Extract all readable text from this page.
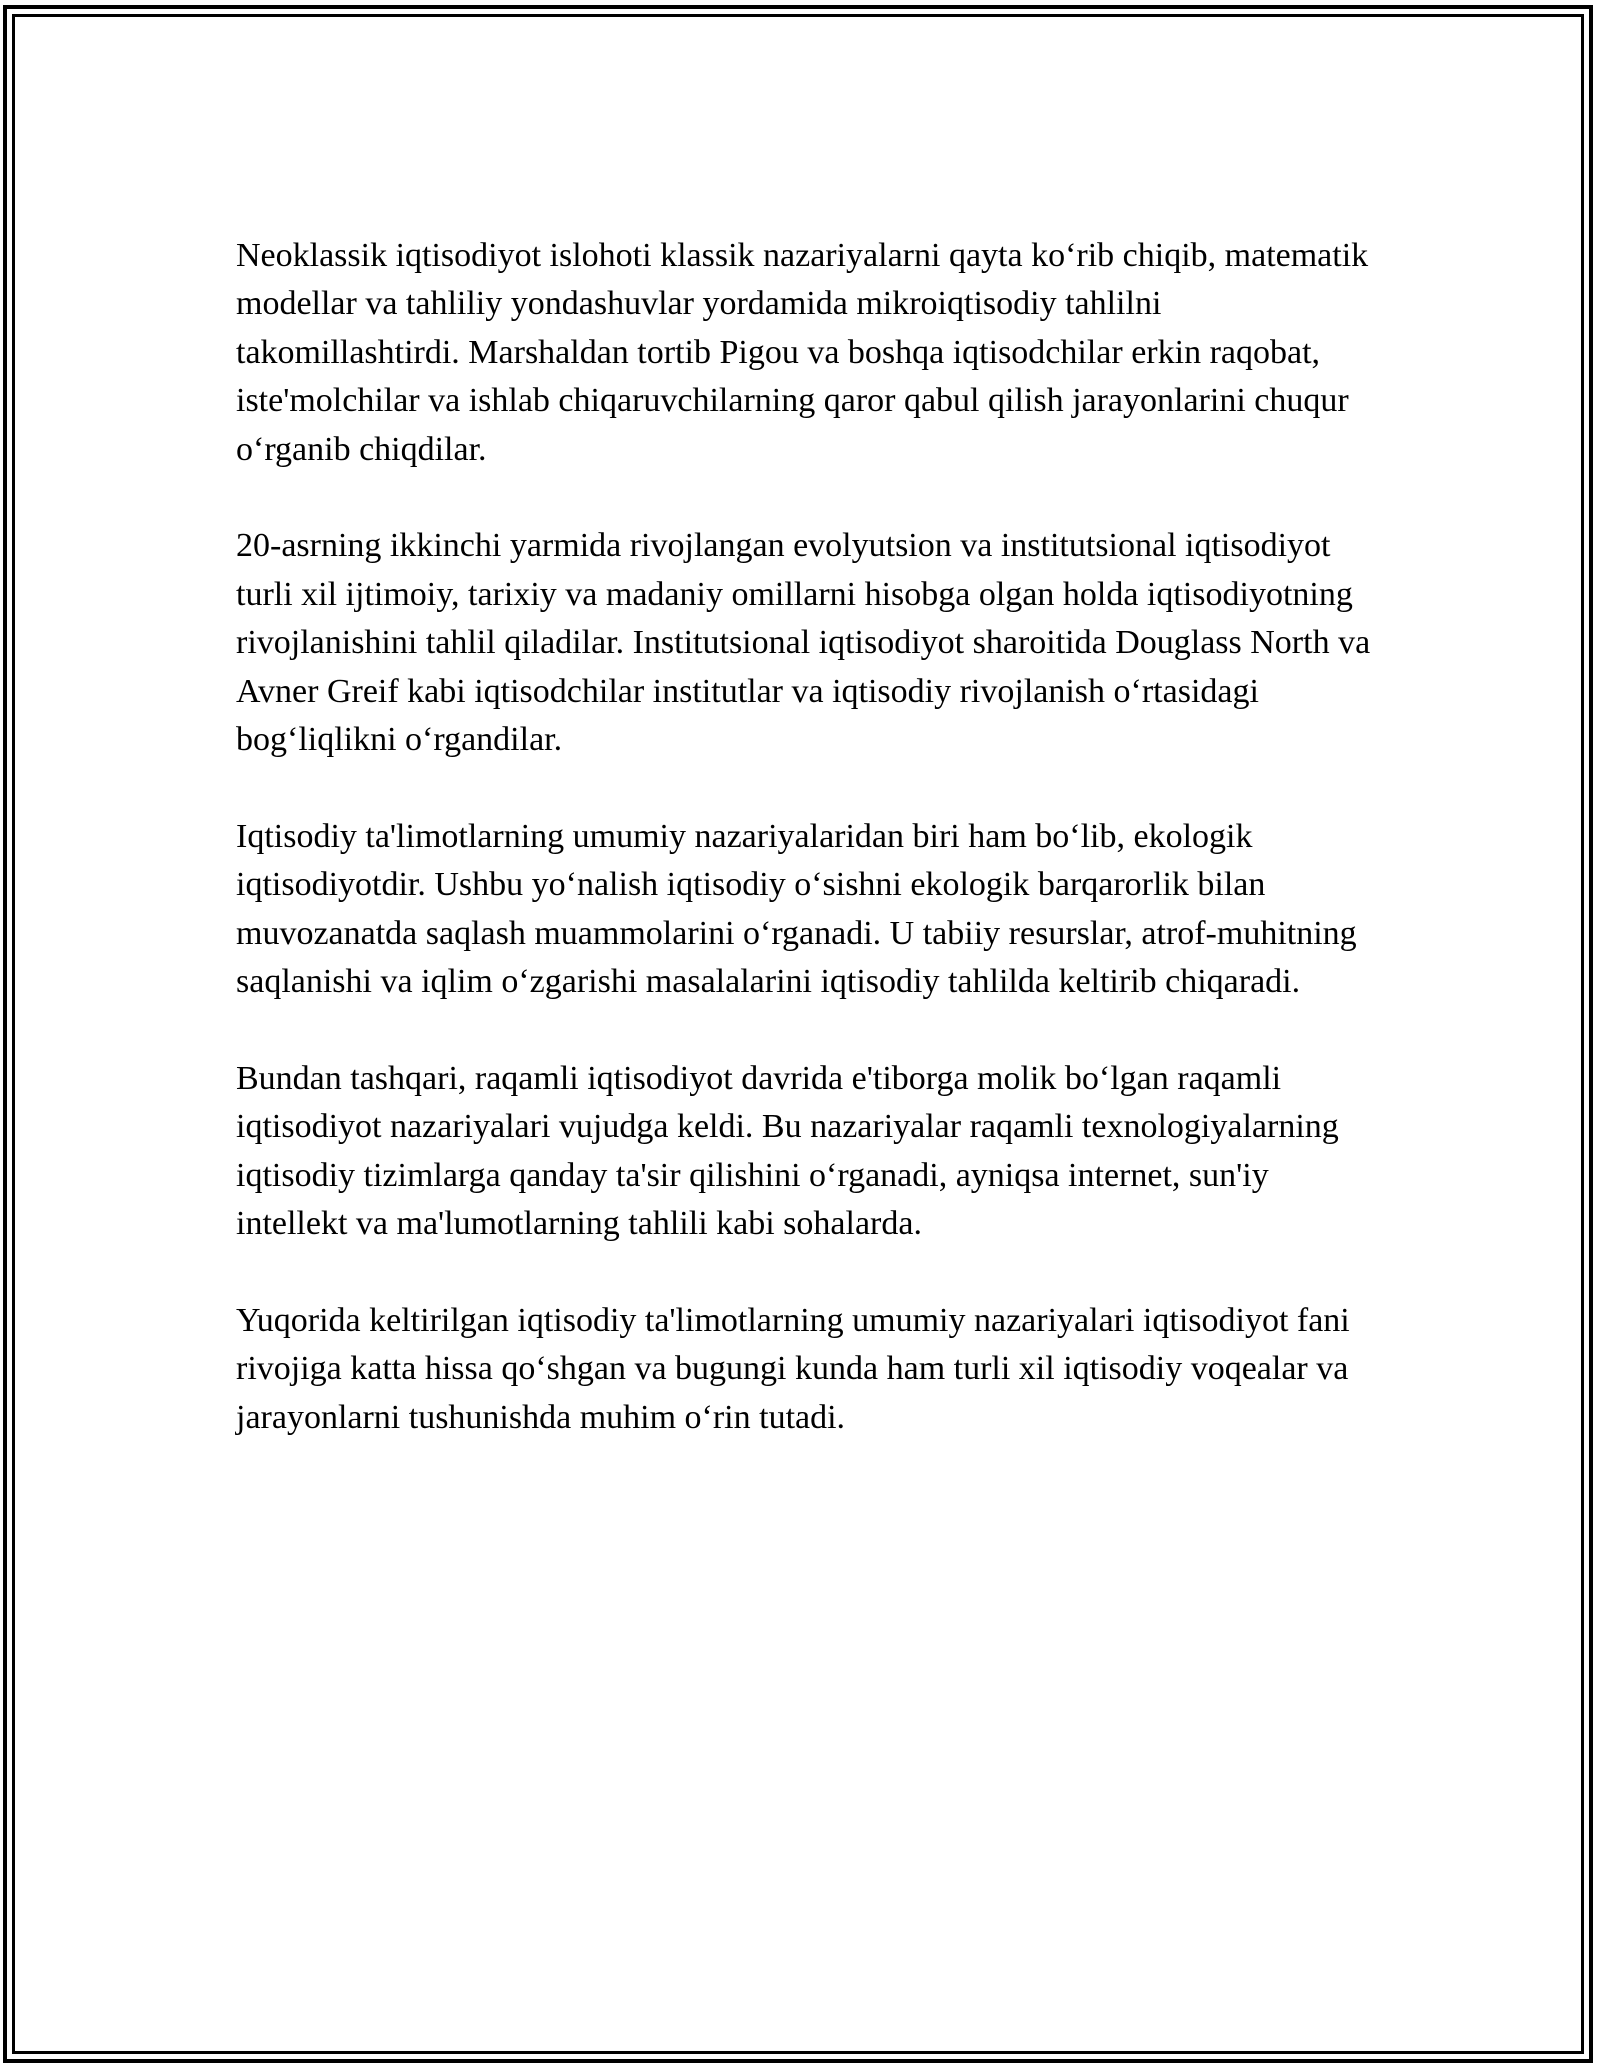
Neoklassik iqtisodiyot islohoti klassik nazariyalarni qayta ko‘rib chiqib, matematik modellar va tahliliy yondashuvlar yordamida mikroiqtisodiy tahlilni takomillashtirdi. Marshaldan tortib Pigou va boshqa iqtisodchilar erkin raqobat, iste'molchilar va ishlab chiqaruvchilarning qaror qabul qilish jarayonlarini chuqur o‘rganib chiqdilar.

20-asrning ikkinchi yarmida rivojlangan evolyutsion va institutsional iqtisodiyot turli xil ijtimoiy, tarixiy va madaniy omillarni hisobga olgan holda iqtisodiyotning rivojlanishini tahlil qiladilar. Institutsional iqtisodiyot sharoitida Douglass North va Avner Greif kabi iqtisodchilar institutlar va iqtisodiy rivojlanish o‘rtasidagi bog‘liqlikni o‘rgandilar.

Iqtisodiy ta'limotlarning umumiy nazariyalaridan biri ham bo‘lib, ekologik iqtisodiyotdir. Ushbu yo‘nalish iqtisodiy o‘sishni ekologik barqarorlik bilan muvozanatda saqlash muammolarini o‘rganadi. U tabiiy resurslar, atrof-muhitning saqlanishi va iqlim o‘zgarishi masalalarini iqtisodiy tahlilda keltirib chiqaradi.

Bundan tashqari, raqamli iqtisodiyot davrida e'tiborga molik bo‘lgan raqamli iqtisodiyot nazariyalari vujudga keldi. Bu nazariyalar raqamli texnologiyalarning iqtisodiy tizimlarga qanday ta'sir qilishini o‘rganadi, ayniqsa internet, sun'iy intellekt va ma'lumotlarning tahlili kabi sohalarda.

Yuqorida keltirilgan iqtisodiy ta'limotlarning umumiy nazariyalari iqtisodiyot fani rivojiga katta hissa qo‘shgan va bugungi kunda ham turli xil iqtisodiy voqealar va jarayonlarni tushunishda muhim o‘rin tutadi.
